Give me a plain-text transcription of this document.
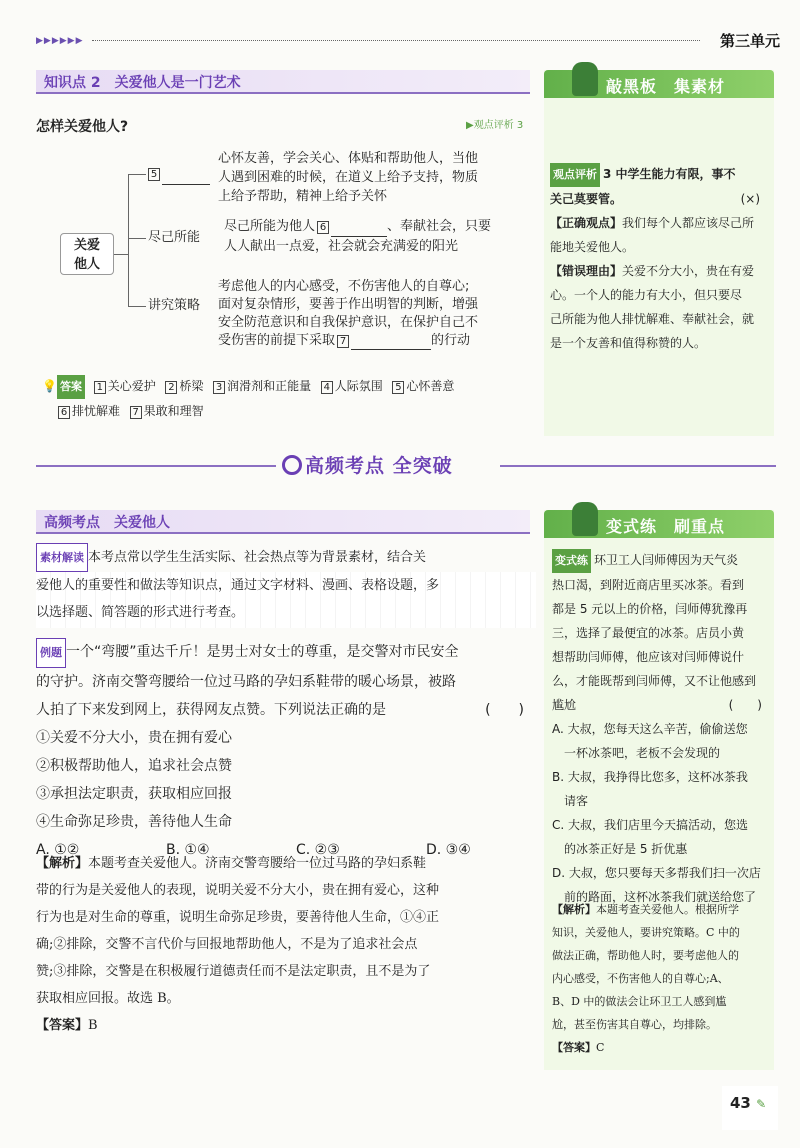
▶▶▶▶▶▶	第三单元
知识点 2　关爱他人是一门艺术
怎样关爱他人?	▶观点评析 3
关爱
他人
5
心怀友善，学会关心、体贴和帮助他人，当他
人遇到困难的时候，在道义上给予支持，物质
上给予帮助，精神上给予关怀
尽己所能
尽己所能为他人 6	、奉献社会，只要
人人献出一点爱，社会就会充满爱的阳光
讲究策略
考虑他人的内心感受，不伤害他人的自尊心;
面对复杂情形，要善于作出明智的判断，增强
安全防范意识和自我保护意识，在保护自己不
受伤害的前提下采取 7	的行动
💡 答案 1 关心爱护 2 桥梁 3 润滑剂和正能量 4 人际氛围 5 心怀善意
6 排忧解难 7 果敢和理智
敲黑板　集素材
观点评析 3 中学生能力有限，事不
关己莫要管。	(×)
【正确观点】我们每个人都应该尽己所
能地关爱他人。
【错误理由】关爱不分大小，贵在有爱
心。一个人的能力有大小，但只要尽
己所能为他人排忧解难、奉献社会，就
是一个友善和值得称赞的人。
高频考点 全突破
高频考点　关爱他人
素材解读 本考点常以学生生活实际、社会热点等为背景素材，结合关
爱他人的重要性和做法等知识点，通过文字材料、漫画、表格设题，多
以选择题、简答题的形式进行考查。
例题 一个“弯腰”重达千斤！是男士对女士的尊重，是交警对市民安全
的守护。济南交警弯腰给一位过马路的孕妇系鞋带的暖心场景，被路
人拍了下来发到网上，获得网友点赞。下列说法正确的是	(　　)
①关爱不分大小，贵在拥有爱心
②积极帮助他人，追求社会点赞
③承担法定职责，获取相应回报
④生命弥足珍贵，善待他人生命
A. ①②	B. ①④	C. ②③	D. ③④
【解析】本题考查关爱他人。济南交警弯腰给一位过马路的孕妇系鞋
带的行为是关爱他人的表现，说明关爱不分大小，贵在拥有爱心，这种
行为也是对生命的尊重，说明生命弥足珍贵，要善待他人生命，①④正
确;②排除，交警不言代价与回报地帮助他人，不是为了追求社会点
赞;③排除，交警是在积极履行道德责任而不是法定职责，且不是为了
获取相应回报。故选 B。
【答案】B
变式练　刷重点
变式练 环卫工人闫师傅因为天气炎
热口渴，到附近商店里买冰茶。看到
都是 5 元以上的价格，闫师傅犹豫再
三，选择了最便宜的冰茶。店员小黄
想帮助闫师傅，他应该对闫师傅说什
么，才能既帮到闫师傅，又不让他感到
尴尬	(　　)
A. 大叔，您每天这么辛苦，偷偷送您
　一杯冰茶吧，老板不会发现的
B. 大叔，我挣得比您多，这杯冰茶我
　请客
C. 大叔，我们店里今天搞活动，您选
　的冰茶正好是 5 折优惠
D. 大叔，您只要每天多帮我们扫一次店
　前的路面，这杯冰茶我们就送给您了
【解析】本题考查关爱他人。根据所学
知识，关爱他人，要讲究策略。C 中的
做法正确，帮助他人时，要考虑他人的
内心感受，不伤害他人的自尊心;A、
B、D 中的做法会让环卫工人感到尴
尬，甚至伤害其自尊心，均排除。
【答案】C
43 ✎
